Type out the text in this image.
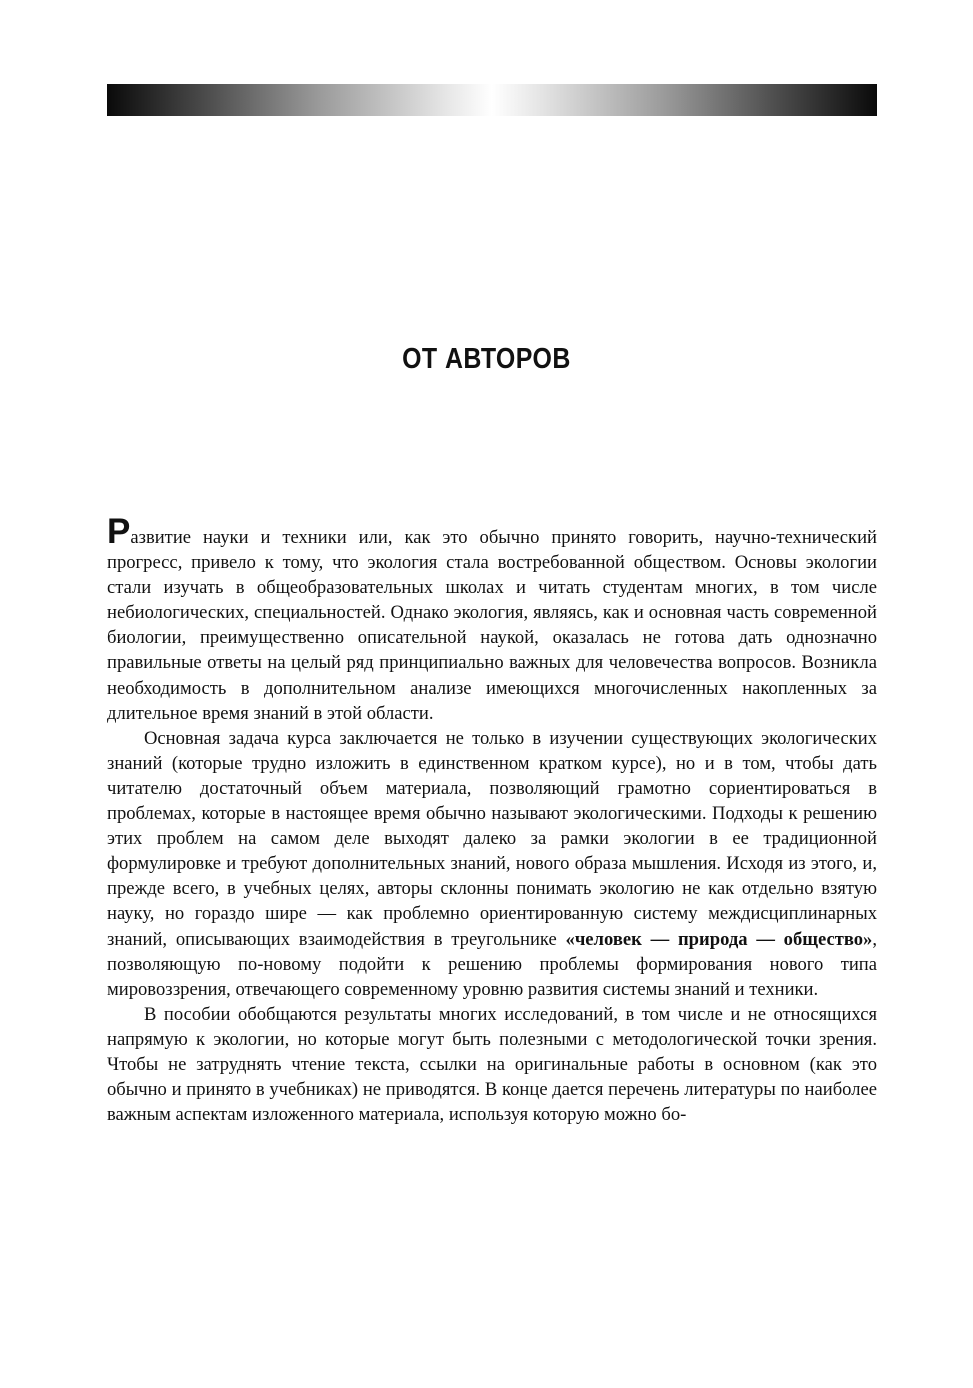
ОТ АВТОРОВ

Развитие науки и техники или, как это обычно принято говорить, научно-технический прогресс, привело к тому, что экология стала востребованной обществом. Основы экологии стали изучать в общеобразовательных школах и читать студентам многих, в том числе небиологических, специальностей. Однако экология, являясь, как и основная часть современной биологии, преимущественно описательной наукой, оказалась не готова дать однозначно правильные ответы на целый ряд принципиально важных для человечества вопросов. Возникла необходимость в дополнительном анализе имеющихся многочисленных накопленных за длительное время знаний в этой области.

Основная задача курса заключается не только в изучении существующих экологических знаний (которые трудно изложить в единственном кратком курсе), но и в том, чтобы дать читателю достаточный объем материала, позволяющий грамотно сориентироваться в проблемах, которые в настоящее время обычно называют экологическими. Подходы к решению этих проблем на самом деле выходят далеко за рамки экологии в ее традиционной формулировке и требуют дополнительных знаний, нового образа мышления. Исходя из этого, и, прежде всего, в учебных целях, авторы склонны понимать экологию не как отдельно взятую науку, но гораздо шире — как проблемно ориентированную систему междисциплинарных знаний, описывающих взаимодействия в треугольнике «человек — природа — общество», позволяющую по-новому подойти к решению проблемы формирования нового типа мировоззрения, отвечающего современному уровню развития системы знаний и техники.

В пособии обобщаются результаты многих исследований, в том числе и не относящихся напрямую к экологии, но которые могут быть полезными с методологической точки зрения. Чтобы не затруднять чтение текста, ссылки на оригинальные работы в основном (как это обычно и принято в учебниках) не приводятся. В конце дается перечень литературы по наиболее важным аспектам изложенного материала, используя которую можно бо-
